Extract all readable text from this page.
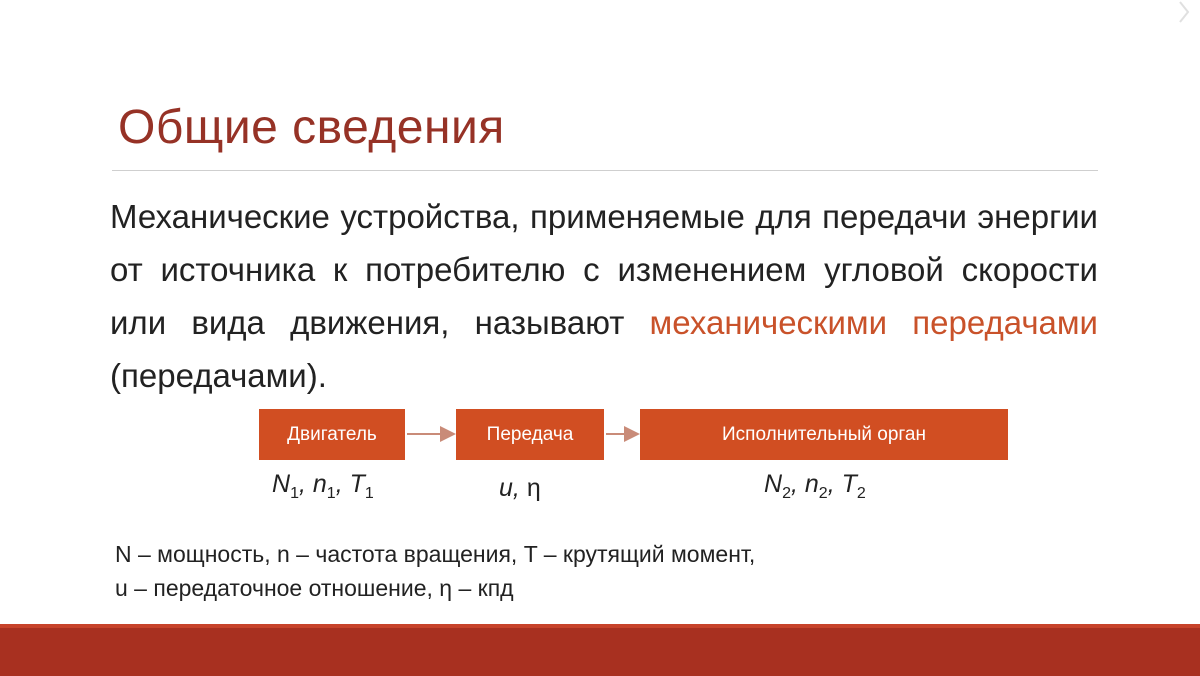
Общие сведения

Механические устройства, применяемые для передачи энергии от источника к потребителю с изменением угловой скорости или вида движения, называют механическими передачами (передачами).

Двигатель	Передача	Исполнительный орган
$N_1$, $n_1$, $T_1$	u, η	$N_2$, $n_2$, $T_2$
N – мощность, n – частота вращения, T – крутящий момент,
u – передаточное отношение, η – кпд
